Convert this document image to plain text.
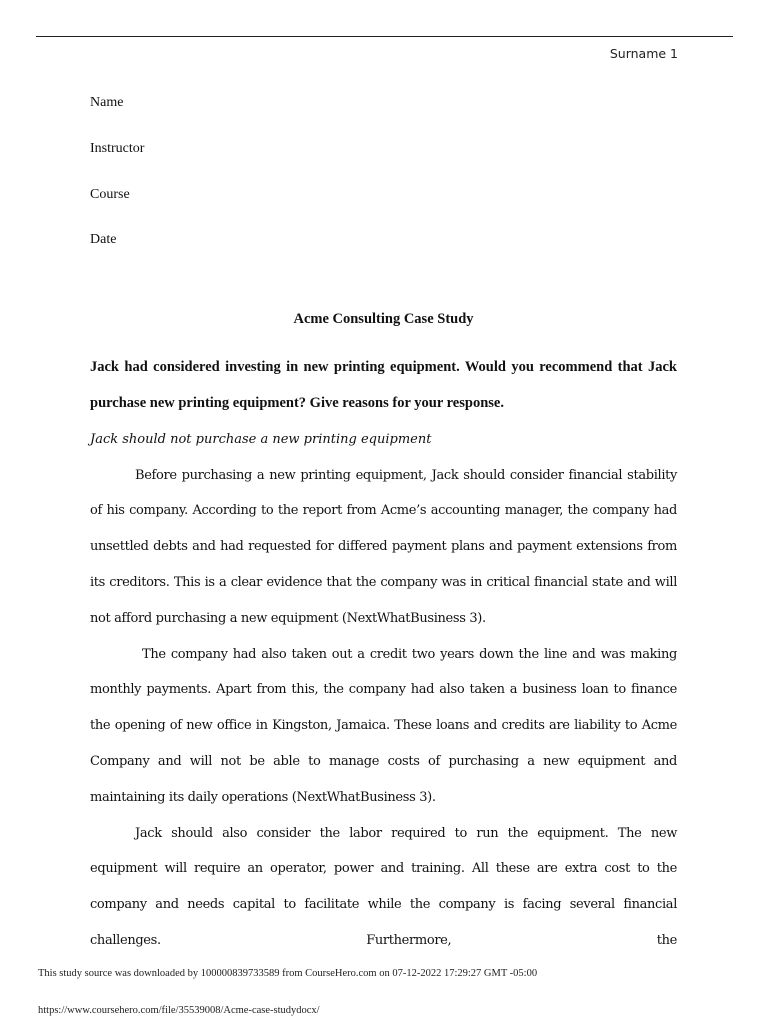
Surname 1

Name

Instructor

Course

Date

Acme Consulting Case Study

Jack had considered investing in new printing equipment. Would you recommend that Jack purchase new printing equipment? Give reasons for your response.

Jack should not purchase a new printing equipment

Before purchasing a new printing equipment, Jack should consider financial stability of his company. According to the report from Acme’s accounting manager, the company had unsettled debts and had requested for differed payment plans and payment extensions from its creditors. This is a clear evidence that the company was in critical financial state and will not afford purchasing a new equipment (NextWhatBusiness 3).

The company had also taken out a credit two years down the line and was making monthly payments. Apart from this, the company had also taken a business loan to finance the opening of new office in Kingston, Jamaica. These loans and credits are liability to Acme Company and will not be able to manage costs of purchasing a new equipment and maintaining its daily operations (NextWhatBusiness 3).

Jack should also consider the labor required to run the equipment. The new equipment will require an operator, power and training. All these are extra cost to the company and needs capital to facilitate while the company is facing several financial challenges. Furthermore, the

This study source was downloaded by 100000839733589 from CourseHero.com on 07-12-2022 17:29:27 GMT -05:00
https://www.coursehero.com/file/35539008/Acme-case-studydocx/
